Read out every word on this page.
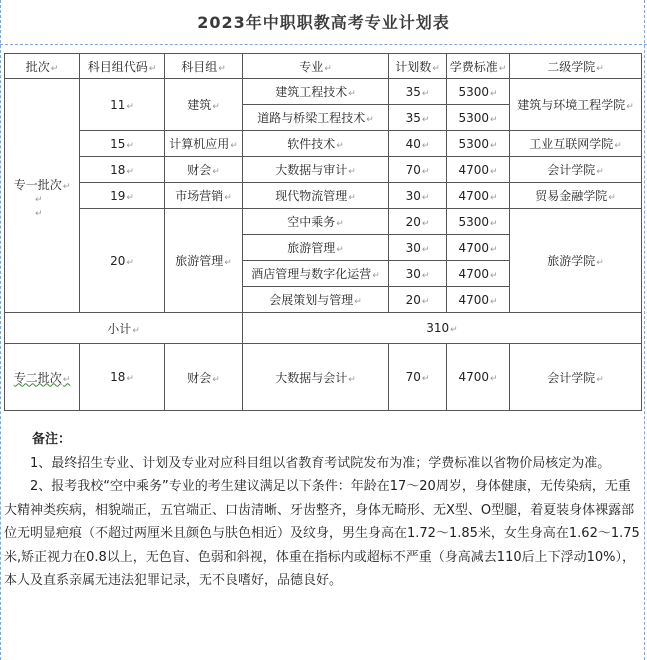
2023年中职职教高考专业计划表
批次 ↵	科目组代码 ↵	科目组 ↵	专业 ↵	计划数 ↵	学费标准 ↵	二级学院 ↵

专一批次 ↵
↵
↵	11 ↵	建筑 ↵	建筑工程技术 ↵	35 ↵	5300 ↵	建筑与环境工程学院 ↵
			道路与桥梁工程技术 ↵	35 ↵	5300 ↵
	15 ↵	计算机应用 ↵	软件技术 ↵	40 ↵	5300 ↵	工业互联网学院 ↵
	18 ↵	财会 ↵	大数据与审计 ↵	70 ↵	4700 ↵	会计学院 ↵
	19 ↵	市场营销 ↵	现代物流管理 ↵	30 ↵	4700 ↵	贸易金融学院 ↵
	20 ↵	旅游管理 ↵	空中乘务 ↵	20 ↵	5300 ↵	旅游学院 ↵
			旅游管理 ↵	30 ↵	4700 ↵
			酒店管理与数字化运营 ↵	30 ↵	4700 ↵
			会展策划与管理 ↵	20 ↵	4700 ↵
小计 ↵			310 ↵
专二批次 ↵	18 ↵	财会 ↵	大数据与会计 ↵	70 ↵	4700 ↵	会计学院 ↵
备注：

1、最终招生专业、计划及专业对应科目组以省教育考试院发布为准；学费标准以省物价局核定为准。

2、报考我校“空中乘务”专业的考生建议满足以下条件：年龄在17～20周岁，身体健康，无传染病，无重大精神类疾病，相貌端正，五官端正、口齿清晰、牙齿整齐，身体无畸形、无X型、O型腿，着夏装身体裸露部位无明显疤痕（不超过两厘米且颜色与肤色相近）及纹身，男生身高在1.72～1.85米，女生身高在1.62～1.75米,矫正视力在0.8以上，无色盲、色弱和斜视，体重在指标内或超标不严重（身高减去110后上下浮动10%），本人及直系亲属无违法犯罪记录，无不良嗜好，品德良好。
